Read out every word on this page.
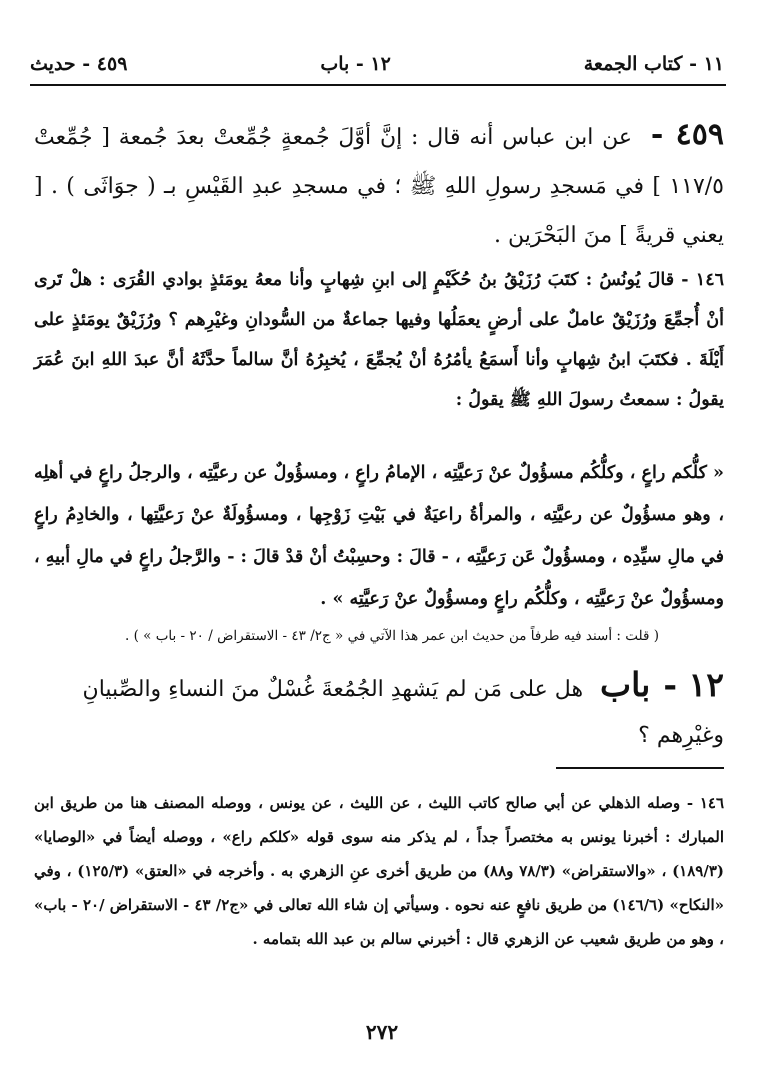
١١ - كتاب الجمعة
١٢ - باب
٤٥٩ - حديث
٤٥٩ - عن ابن عباس أنه قال : إنَّ أوَّلَ جُمعةٍ جُمِّعتْ بعدَ جُمعة [ جُمِّعتْ ١١٧/٥ ] في مَسجدِ رسولِ اللهِ ﷺ ؛ في مسجدِ عبدِ القَيْسِ بـ ( جوَاثَى ) . [ يعني قريةً ] منَ البَحْرَين .
١٤٦ - قالَ يُونُسُ : كتَبَ رُزَيْقُ بنُ حُكَيْمٍ إلى ابنِ شِهابٍ وأنا معهُ يومَئذٍ بوادي القُرَى : هلْ تَرى أنْ أُجمِّعَ ورُزَيْقٌ عاملٌ على أرضٍ يعمَلُها وفيها جماعةٌ من السُّودانِ وغيْرِهم ؟ ورُزَيْقٌ يومَئذٍ على أَيْلَةَ . فكتَبَ ابنُ شِهابٍ وأنا أَسمَعُ يأمُرُهُ أنْ يُجمِّعَ ، يُخبِرُهُ أنَّ سالماً حدَّثَهُ أنَّ عبدَ اللهِ ابنَ عُمَرَ يقولُ : سمعتُ رسولَ اللهِ ﷺ يقولُ :
« كلُّكم راعٍ ، وكلُّكُم مسؤُولٌ عنْ رَعيَّتِه ، الإمامُ راعٍ ، ومسؤُولٌ عن رعيَّتِه ، والرجلُ راعٍ في أهلِه ، وهو مسؤُولٌ عن رعيَّتِه ، والمرأةُ راعيَةٌ في بَيْتِ زَوْجِها ، ومسؤُولَةٌ عنْ رَعيَّتِها ، والخادِمُ راعٍ في مالِ سيِّدِه ، ومسؤُولٌ عَن رَعيَّتِه ، - قالَ : وحسِبْتُ أنْ قدْ قالَ : - والرَّجلُ راعٍ في مالِ أبيهِ ، ومسؤُولٌ عنْ رَعيَّتِه ، وكلُّكُم راعٍ ومسؤُولٌ عنْ رَعيَّتِه » .
( قلت : أسند فيه طرفاً من حديث ابن عمر هذا الآتي في « ج٢/ ٤٣ - الاستقراض / ٢٠ - باب » ) .
١٢ - باب هل على مَن لم يَشهدِ الجُمُعةَ غُسْلٌ منَ النساءِ والصِّبيانِ وغيْرِهم ؟
١٤٦ - وصله الذهلي عن أبي صالح كاتب الليث ، عن الليث ، عن يونس ، ووصله المصنف هنا من طريق ابن المبارك : أخبرنا يونس به مختصراً جداً ، لم يذكر منه سوى قوله «كلكم راع» ، ووصله أيضاً في «الوصايا» (١٨٩/٣) ، «والاستقراض» (٧٨/٣ و٨٨) من طريق أخرى عنِ الزهري به . وأخرجه في «العتق» (١٢٥/٣) ، وفي «النكاح» (١٤٦/٦) من طريق نافعٍ عنه نحوه . وسيأتي إن شاء الله تعالى في «ج٢/ ٤٣ - الاستقراض /٢٠ - باب» ، وهو من طريق شعيب عن الزهري قال : أخبرني سالم بن عبد الله بتمامه .
٢٧٢
